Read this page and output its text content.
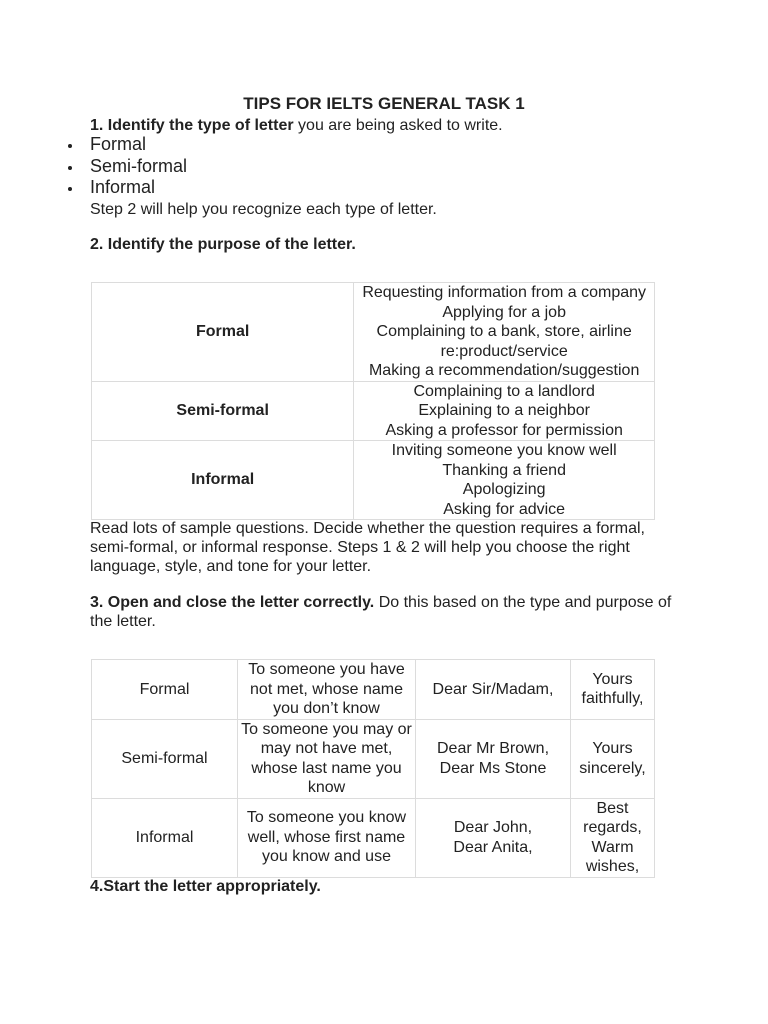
TIPS FOR IELTS GENERAL TASK 1
1. Identify the type of letter you are being asked to write.
Formal
Semi-formal
Informal
Step 2 will help you recognize each type of letter.
2. Identify the purpose of the letter.
Formal	Requesting information from a company
Applying for a job
Complaining to a bank, store, airline
re:product/service
Making a recommendation/suggestion

Semi-formal	Complaining to a landlord
Explaining to a neighbor
Asking a professor for permission

Informal	Inviting someone you know well
Thanking a friend
Apologizing
Asking for advice
Read lots of sample questions. Decide whether the question requires a formal, semi-formal, or informal response. Steps 1 & 2 will help you choose the right language, style, and tone for your letter.
3. Open and close the letter correctly. Do this based on the type and purpose of the letter.
Formal	To someone you have
not met, whose name
you don’t know	Dear Sir/Madam,	Yours
faithfully,

Semi-formal	To someone you may or
may not have met,
whose last name you
know	Dear Mr Brown,
Dear Ms Stone	Yours
sincerely,

Informal	To someone you know
well, whose first name
you know and use	Dear John,
Dear Anita,	Best
regards,
Warm
wishes,
4.Start the letter appropriately.
